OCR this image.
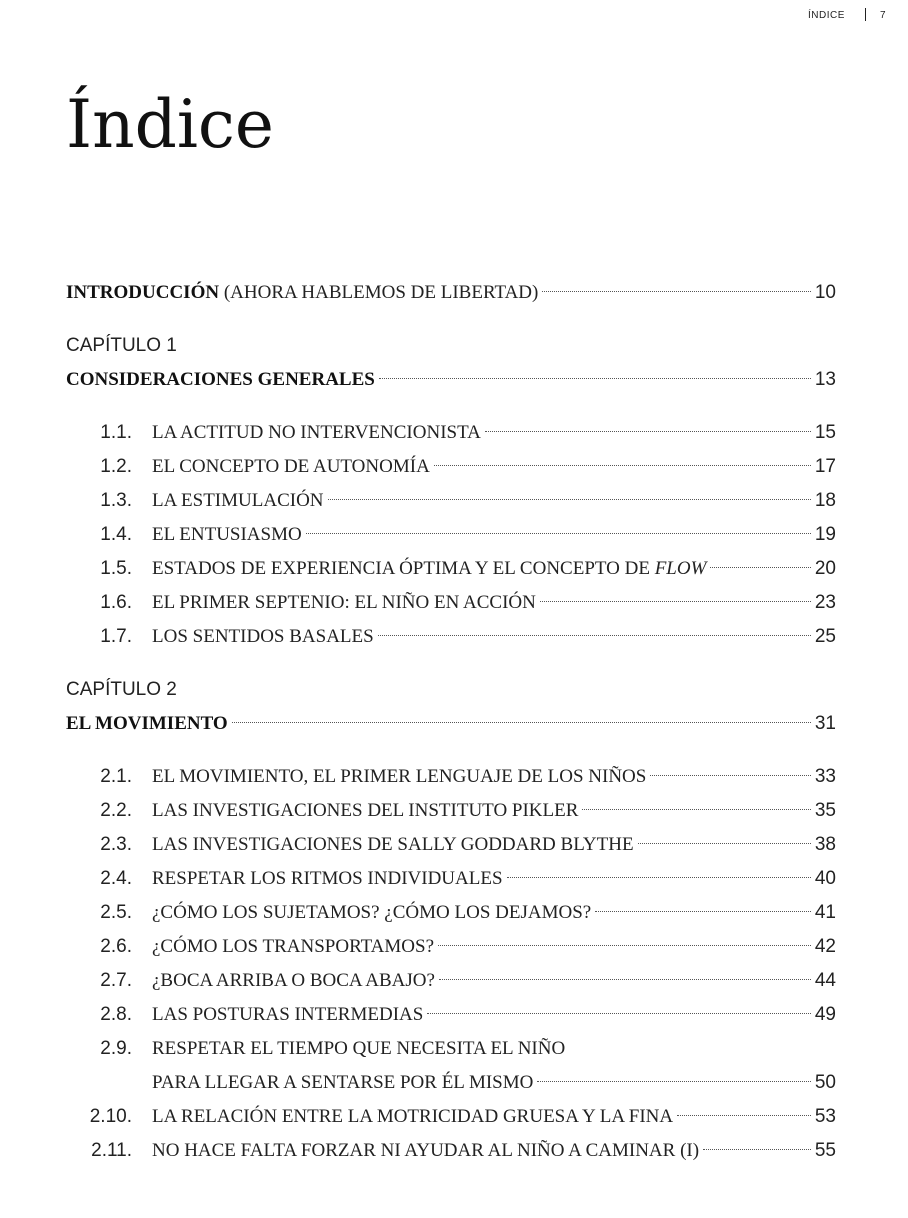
ÍNDICE	7
Índice
INTRODUCCIÓN (AHORA HABLEMOS DE LIBERTAD)	10
CAPÍTULO 1
CONSIDERACIONES GENERALES	13
1.1.	LA ACTITUD NO INTERVENCIONISTA	15
1.2.	EL CONCEPTO DE AUTONOMÍA	17
1.3.	LA ESTIMULACIÓN	18
1.4.	EL ENTUSIASMO	19
1.5.	ESTADOS DE EXPERIENCIA ÓPTIMA Y EL CONCEPTO DE FLOW	20
1.6.	EL PRIMER SEPTENIO: EL NIÑO EN ACCIÓN	23
1.7.	LOS SENTIDOS BASALES	25
CAPÍTULO 2
EL MOVIMIENTO	31
2.1.	EL MOVIMIENTO, EL PRIMER LENGUAJE DE LOS NIÑOS	33
2.2.	LAS INVESTIGACIONES DEL INSTITUTO PIKLER	35
2.3.	LAS INVESTIGACIONES DE SALLY GODDARD BLYTHE	38
2.4.	RESPETAR LOS RITMOS INDIVIDUALES	40
2.5.	¿CÓMO LOS SUJETAMOS? ¿CÓMO LOS DEJAMOS?	41
2.6.	¿CÓMO LOS TRANSPORTAMOS?	42
2.7.	¿BOCA ARRIBA O BOCA ABAJO?	44
2.8.	LAS POSTURAS INTERMEDIAS	49
2.9.	RESPETAR EL TIEMPO QUE NECESITA EL NIÑO
PARA LLEGAR A SENTARSE POR ÉL MISMO	50
2.10.	LA RELACIÓN ENTRE LA MOTRICIDAD GRUESA Y LA FINA	53
2.11.	NO HACE FALTA FORZAR NI AYUDAR AL NIÑO A CAMINAR (I)	55
